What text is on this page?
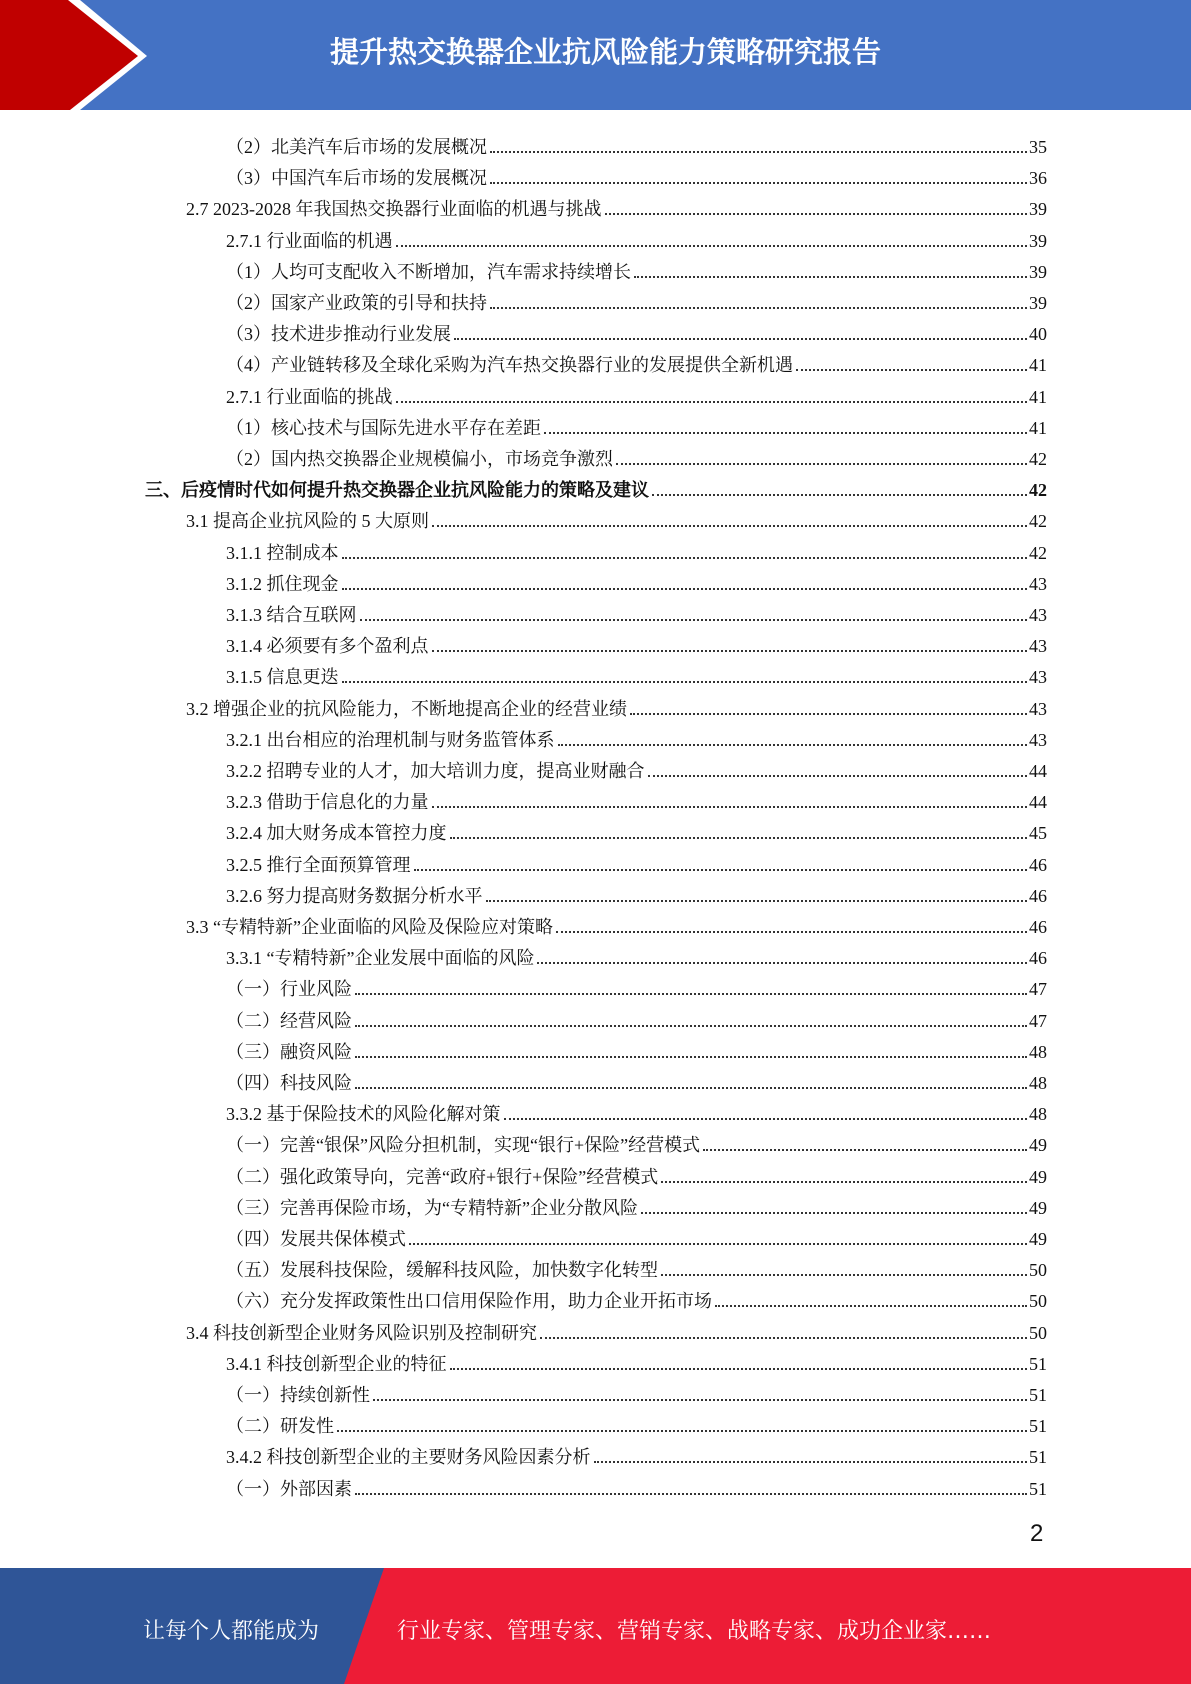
提升热交换器企业抗风险能力策略研究报告
（2）北美汽车后市场的发展概况	35
（3）中国汽车后市场的发展概况	36
2.7 2023-2028 年我国热交换器行业面临的机遇与挑战	39
2.7.1 行业面临的机遇	39
（1）人均可支配收入不断增加，汽车需求持续增长	39
（2）国家产业政策的引导和扶持	39
（3）技术进步推动行业发展	40
（4）产业链转移及全球化采购为汽车热交换器行业的发展提供全新机遇	41
2.7.1 行业面临的挑战	41
（1）核心技术与国际先进水平存在差距	41
（2）国内热交换器企业规模偏小，市场竞争激烈	42
三、后疫情时代如何提升热交换器企业抗风险能力的策略及建议	42
3.1 提高企业抗风险的 5 大原则	42
3.1.1 控制成本	42
3.1.2 抓住现金	43
3.1.3 结合互联网	43
3.1.4 必须要有多个盈利点	43
3.1.5 信息更迭	43
3.2 增强企业的抗风险能力，不断地提高企业的经营业绩	43
3.2.1 出台相应的治理机制与财务监管体系	43
3.2.2 招聘专业的人才，加大培训力度，提高业财融合	44
3.2.3 借助于信息化的力量	44
3.2.4 加大财务成本管控力度	45
3.2.5 推行全面预算管理	46
3.2.6 努力提高财务数据分析水平	46
3.3 “专精特新”企业面临的风险及保险应对策略	46
3.3.1 “专精特新”企业发展中面临的风险	46
（一）行业风险	47
（二）经营风险	47
（三）融资风险	48
（四）科技风险	48
3.3.2 基于保险技术的风险化解对策	48
（一）完善“银保”风险分担机制，实现“银行+保险”经营模式	49
（二）强化政策导向，完善“政府+银行+保险”经营模式	49
（三）完善再保险市场，为“专精特新”企业分散风险	49
（四）发展共保体模式	49
（五）发展科技保险，缓解科技风险，加快数字化转型	50
（六）充分发挥政策性出口信用保险作用，助力企业开拓市场	50
3.4 科技创新型企业财务风险识别及控制研究	50
3.4.1 科技创新型企业的特征	51
（一）持续创新性	51
（二）研发性	51
3.4.2 科技创新型企业的主要财务风险因素分析	51
（一）外部因素	51
2
让每个人都能成为	行业专家、管理专家、营销专家、战略专家、成功企业家……
